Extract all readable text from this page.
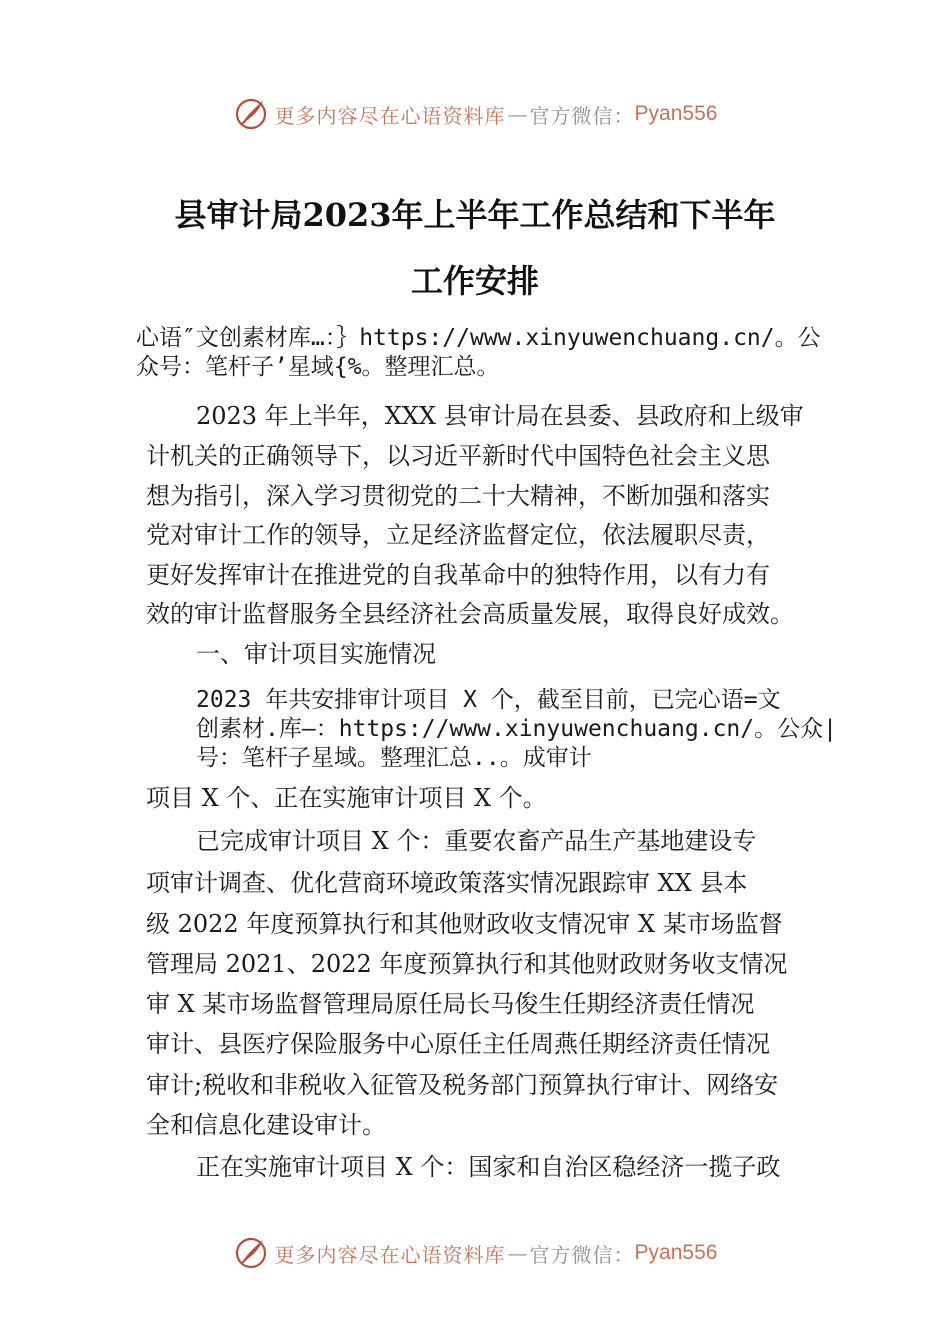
更多内容尽在心语资料库 — 官方微信： Pyan556
县审计局2023年上半年工作总结和下半年
工作安排

心语″文创素材库…：｝https://www.xinyuwenchuang.cn/。公

众号：笔杆子’星域{%。整理汇总。

2023 年上半年，XXX 县审计局在县委、县政府和上级审

计机关的正确领导下，以习近平新时代中国特色社会主义思

想为指引，深入学习贯彻党的二十大精神，不断加强和落实

党对审计工作的领导，立足经济监督定位，依法履职尽责，

更好发挥审计在推进党的自我革命中的独特作用，以有力有

效的审计监督服务全县经济社会高质量发展，取得良好成效。

一、审计项目实施情况

2023 年共安排审计项目 X 个，截至目前，已完心语=文

创素材.库—：https://www.xinyuwenchuang.cn/。公众|

号：笔杆子星域。整理汇总..。成审计

项目 X 个、正在实施审计项目 X 个。

已完成审计项目 X 个：重要农畜产品生产基地建设专

项审计调查、优化营商环境政策落实情况跟踪审 XX 县本

级 2022 年度预算执行和其他财政收支情况审 X 某市场监督

管理局 2021、2022 年度预算执行和其他财政财务收支情况

审 X 某市场监督管理局原任局长马俊生任期经济责任情况

审计、县医疗保险服务中心原任主任周燕任期经济责任情况

审计;税收和非税收入征管及税务部门预算执行审计、网络安

全和信息化建设审计。

正在实施审计项目 X 个：国家和自治区稳经济一揽子政

更多内容尽在心语资料库 — 官方微信： Pyan556
